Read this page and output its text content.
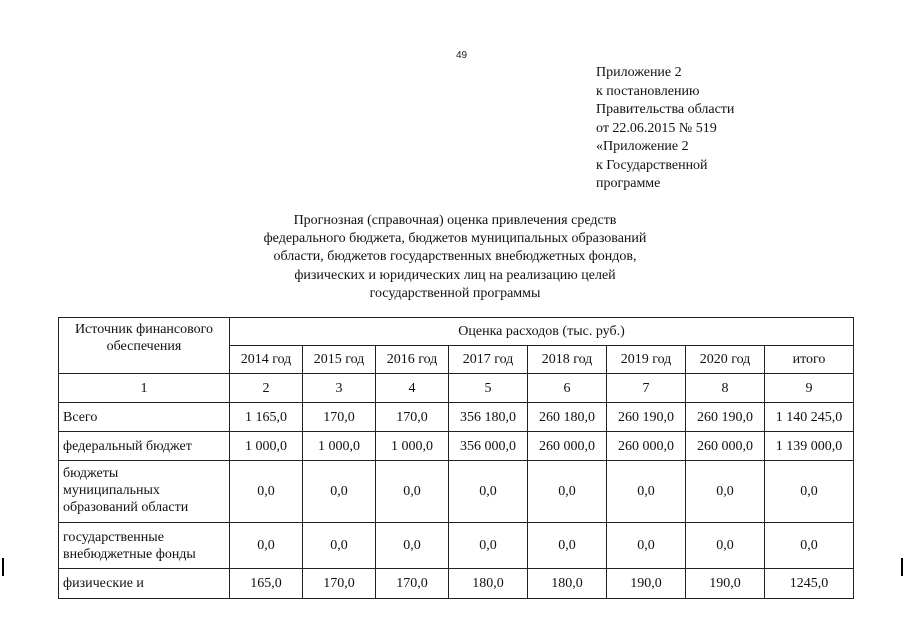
49
Приложение 2
к постановлению
Правительства области
от 22.06.2015 № 519
«Приложение 2
к Государственной
программе
Прогнозная (справочная) оценка привлечения средств
федерального бюджета, бюджетов муниципальных образований
области, бюджетов государственных внебюджетных фондов,
физических и юридических лиц на реализацию целей
государственной программы
Источник финансового
обеспечения	Оценка расходов (тыс. руб.)							
	2014 год	2015 год	2016 год	2017 год	2018 год	2019 год	2020 год	итого
1	2	3	4	5	6	7	8	9
Всего	1 165,0	170,0	170,0	356 180,0	260 180,0	260 190,0	260 190,0	1 140 245,0
федеральный бюджет	1 000,0	1 000,0	1 000,0	356 000,0	260 000,0	260 000,0	260 000,0	1 139 000,0

бюджеты
муниципальных
образований области	0,0	0,0	0,0	0,0	0,0	0,0	0,0	0,0

государственные
внебюджетные фонды	0,0	0,0	0,0	0,0	0,0	0,0	0,0	0,0
физические и	165,0	170,0	170,0	180,0	180,0	190,0	190,0	1245,0
